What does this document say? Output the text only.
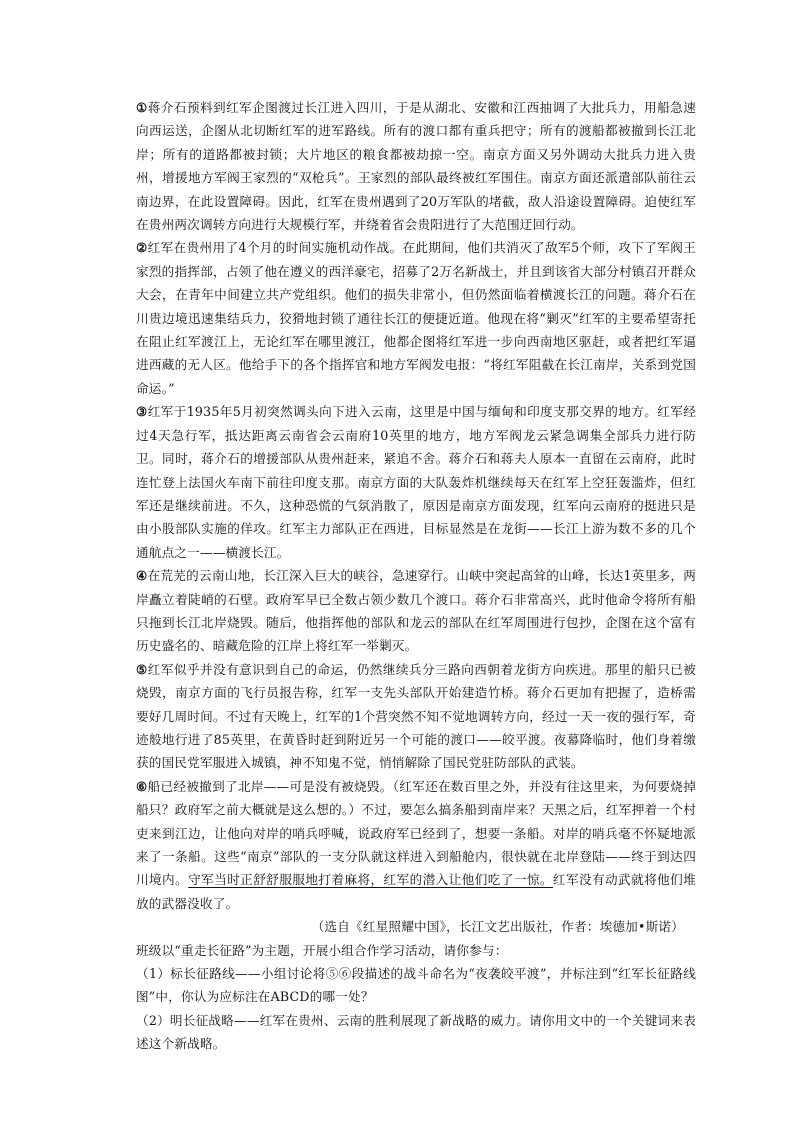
①蒋介石预料到红军企图渡过长江进入四川，于是从湖北、安徽和江西抽调了大批兵力，用船急速向西运送，企图从北切断红军的进军路线。所有的渡口都有重兵把守；所有的渡船都被撤到长江北岸；所有的道路都被封锁；大片地区的粮食都被劫掠一空。南京方面又另外调动大批兵力进入贵州，增援地方军阀王家烈的“双枪兵”。王家烈的部队最终被红军围住。南京方面还派遣部队前往云南边界，在此设置障碍。因此，红军在贵州遇到了20万军队的堵截，敌人沿途设置障碍。迫使红军在贵州两次调转方向进行大规模行军，并绕着省会贵阳进行了大范围迂回行动。

②红军在贵州用了4个月的时间实施机动作战。在此期间，他们共消灭了敌军5个师，攻下了军阀王家烈的指挥部，占领了他在遵义的西洋豪宅，招募了2万名新战士，并且到该省大部分村镇召开群众大会，在青年中间建立共产党组织。他们的损失非常小，但仍然面临着横渡长江的问题。蒋介石在川贵边境迅速集结兵力，狡猾地封锁了通往长江的便捷近道。他现在将“剿灭”红军的主要希望寄托在阻止红军渡江上，无论红军在哪里渡江，他都企图将红军进一步向西南地区驱赶，或者把红军逼进西藏的无人区。他给手下的各个指挥官和地方军阀发电报：“将红军阻截在长江南岸，关系到党国命运。”

③红军于1935年5月初突然调头向下进入云南，这里是中国与缅甸和印度支那交界的地方。红军经过4天急行军，抵达距离云南省会云南府10英里的地方，地方军阀龙云紧急调集全部兵力进行防卫。同时，蒋介石的增援部队从贵州赶来，紧追不舍。蒋介石和蒋夫人原本一直留在云南府，此时连忙登上法国火车南下前往印度支那。南京方面的大队轰炸机继续每天在红军上空狂轰滥炸，但红军还是继续前进。不久，这种恐慌的气氛消散了，原因是南京方面发现，红军向云南府的挺进只是由小股部队实施的佯攻。红军主力部队正在西进，目标显然是在龙街——长江上游为数不多的几个通航点之一——横渡长江。

④在荒芜的云南山地，长江深入巨大的峡谷，急速穿行。山峡中突起高耸的山峰，长达1英里多，两岸矗立着陡峭的石壁。政府军早已全数占领少数几个渡口。蒋介石非常高兴，此时他命令将所有船只拖到长江北岸烧毁。随后，他指挥他的部队和龙云的部队在红军周围进行包抄，企图在这个富有历史盛名的、暗藏危险的江岸上将红军一举剿灭。

⑤红军似乎并没有意识到自己的命运，仍然继续兵分三路向西朝着龙街方向疾进。那里的船只已被烧毁，南京方面的飞行员报告称，红军一支先头部队开始建造竹桥。蒋介石更加有把握了，造桥需要好几周时间。不过有天晚上，红军的1个营突然不知不觉地调转方向，经过一天一夜的强行军，奇迹般地行进了85英里，在黄昏时赶到附近另一个可能的渡口——皎平渡。夜幕降临时，他们身着缴获的国民党军服进入城镇，神不知鬼不觉，悄悄解除了国民党驻防部队的武装。

⑥船已经被撤到了北岸——可是没有被烧毁。（红军还在数百里之外，并没有往这里来，为何要烧掉船只？政府军之前大概就是这么想的。）不过，要怎么搞条船到南岸来？天黑之后，红军押着一个村吏来到江边，让他向对岸的哨兵呼喊，说政府军已经到了，想要一条船。对岸的哨兵毫不怀疑地派来了一条船。这些“南京”部队的一支分队就这样进入到船舱内，很快就在北岸登陆——终于到达四川境内。守军当时正舒舒服服地打着麻将，红军的潜入让他们吃了一惊。红军没有动武就将他们堆放的武器没收了。

（选自《红星照耀中国》，长江文艺出版社，作者：埃德加•斯诺）

班级以“重走长征路”为主题，开展小组合作学习活动，请你参与：

（1）标长征路线——小组讨论将⑤⑥段描述的战斗命名为“夜袭皎平渡”，并标注到“红军长征路线图”中，你认为应标注在ABCD的哪一处？

（2）明长征战略——红军在贵州、云南的胜利展现了新战略的威力。请你用文中的一个关键词来表述这个新战略。
